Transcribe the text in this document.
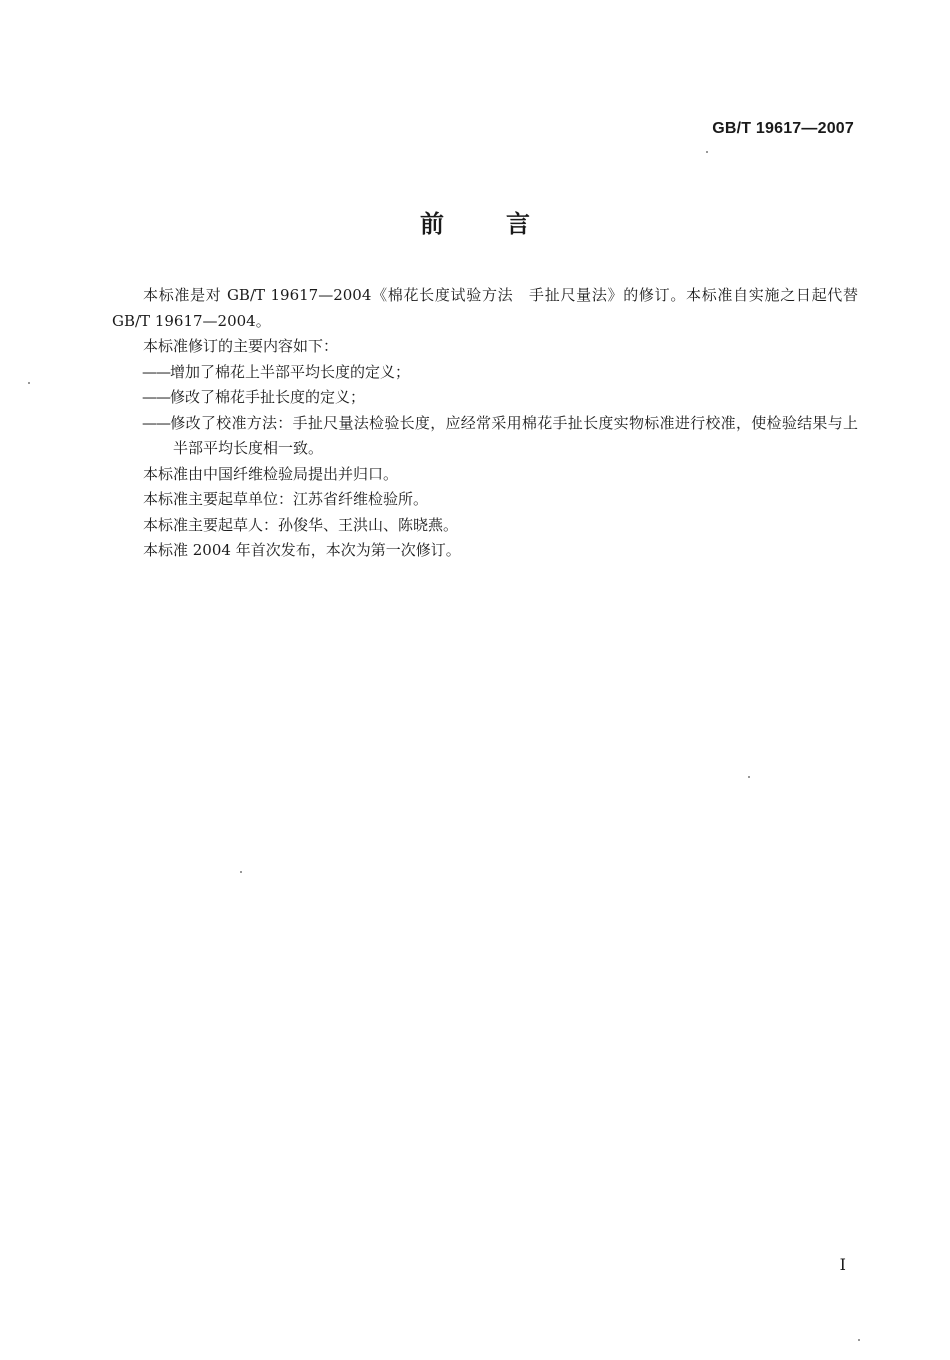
GB/T 19617—2007
前言

本标准是对 GB/T 19617—2004《棉花长度试验方法　手扯尺量法》的修订。本标准自实施之日起代替 GB/T 19617—2004。

本标准修订的主要内容如下：

——增加了棉花上半部平均长度的定义；

——修改了棉花手扯长度的定义；

——修改了校准方法：手扯尺量法检验长度，应经常采用棉花手扯长度实物标准进行校准，使检验结果与上半部平均长度相一致。

本标准由中国纤维检验局提出并归口。

本标准主要起草单位：江苏省纤维检验所。

本标准主要起草人：孙俊华、王洪山、陈晓燕。

本标准 2004 年首次发布，本次为第一次修订。

I
